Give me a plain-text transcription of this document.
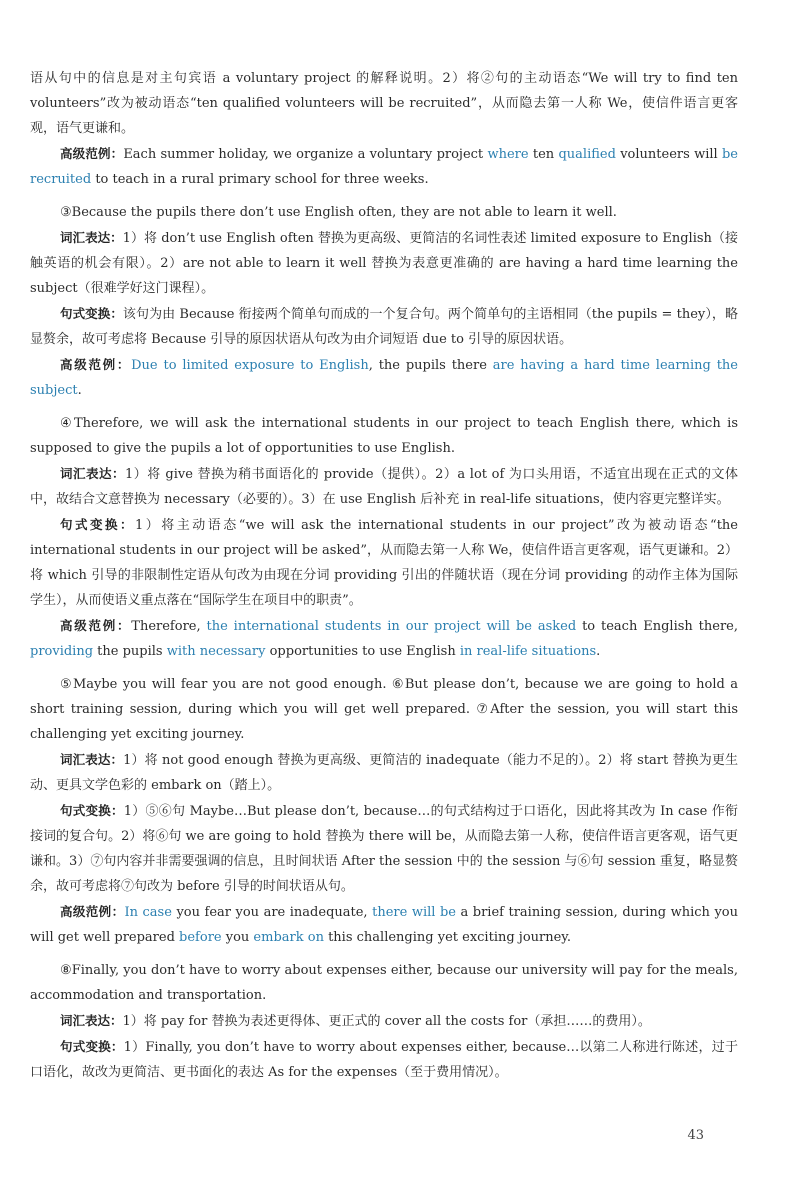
语从句中的信息是对主句宾语 a voluntary project 的解释说明。2）将②句的主动语态“We will try to find ten volunteers”改为被动语态“ten qualified volunteers will be recruited”，从而隐去第一人称 We，使信件语言更客观，语气更谦和。

高级范例：Each summer holiday, we organize a voluntary project where ten qualified volunteers will be recruited to teach in a rural primary school for three weeks.

③Because the pupils there don’t use English often, they are not able to learn it well.

词汇表达：1）将 don’t use English often 替换为更高级、更简洁的名词性表述 limited exposure to English（接触英语的机会有限）。2）are not able to learn it well 替换为表意更准确的 are having a hard time learning the subject（很难学好这门课程）。

句式变换：该句为由 Because 衔接两个简单句而成的一个复合句。两个简单句的主语相同（the pupils = they），略显赘余，故可考虑将 Because 引导的原因状语从句改为由介词短语 due to 引导的原因状语。

高级范例：Due to limited exposure to English, the pupils there are having a hard time learning the subject.

④Therefore, we will ask the international students in our project to teach English there, which is supposed to give the pupils a lot of opportunities to use English.

词汇表达：1）将 give 替换为稍书面语化的 provide（提供）。2）a lot of 为口头用语，不适宜出现在正式的文体中，故结合文意替换为 necessary（必要的）。3）在 use English 后补充 in real-life situations，使内容更完整详实。

句式变换：1）将主动语态“we will ask the international students in our project”改为被动语态“the international students in our project will be asked”，从而隐去第一人称 We，使信件语言更客观，语气更谦和。2）将 which 引导的非限制性定语从句改为由现在分词 providing 引出的伴随状语（现在分词 providing 的动作主体为国际学生），从而使语义重点落在“国际学生在项目中的职责”。

高级范例：Therefore, the international students in our project will be asked to teach English there, providing the pupils with necessary opportunities to use English in real-life situations.

⑤Maybe you will fear you are not good enough. ⑥But please don’t, because we are going to hold a short training session, during which you will get well prepared. ⑦After the session, you will start this challenging yet exciting journey.

词汇表达：1）将 not good enough 替换为更高级、更简洁的 inadequate（能力不足的）。2）将 start 替换为更生动、更具文学色彩的 embark on（踏上）。

句式变换：1）⑤⑥句 Maybe…But please don’t, because…的句式结构过于口语化，因此将其改为 In case 作衔接词的复合句。2）将⑥句 we are going to hold 替换为 there will be，从而隐去第一人称，使信件语言更客观，语气更谦和。3）⑦句内容并非需要强调的信息，且时间状语 After the session 中的 the session 与⑥句 session 重复，略显赘余，故可考虑将⑦句改为 before 引导的时间状语从句。

高级范例：In case you fear you are inadequate, there will be a brief training session, during which you will get well prepared before you embark on this challenging yet exciting journey.

⑧Finally, you don’t have to worry about expenses either, because our university will pay for the meals, accommodation and transportation.

词汇表达：1）将 pay for 替换为表述更得体、更正式的 cover all the costs for（承担……的费用）。

句式变换：1）Finally, you don’t have to worry about expenses either, because…以第二人称进行陈述，过于口语化，故改为更简洁、更书面化的表达 As for the expenses（至于费用情况）。

43
